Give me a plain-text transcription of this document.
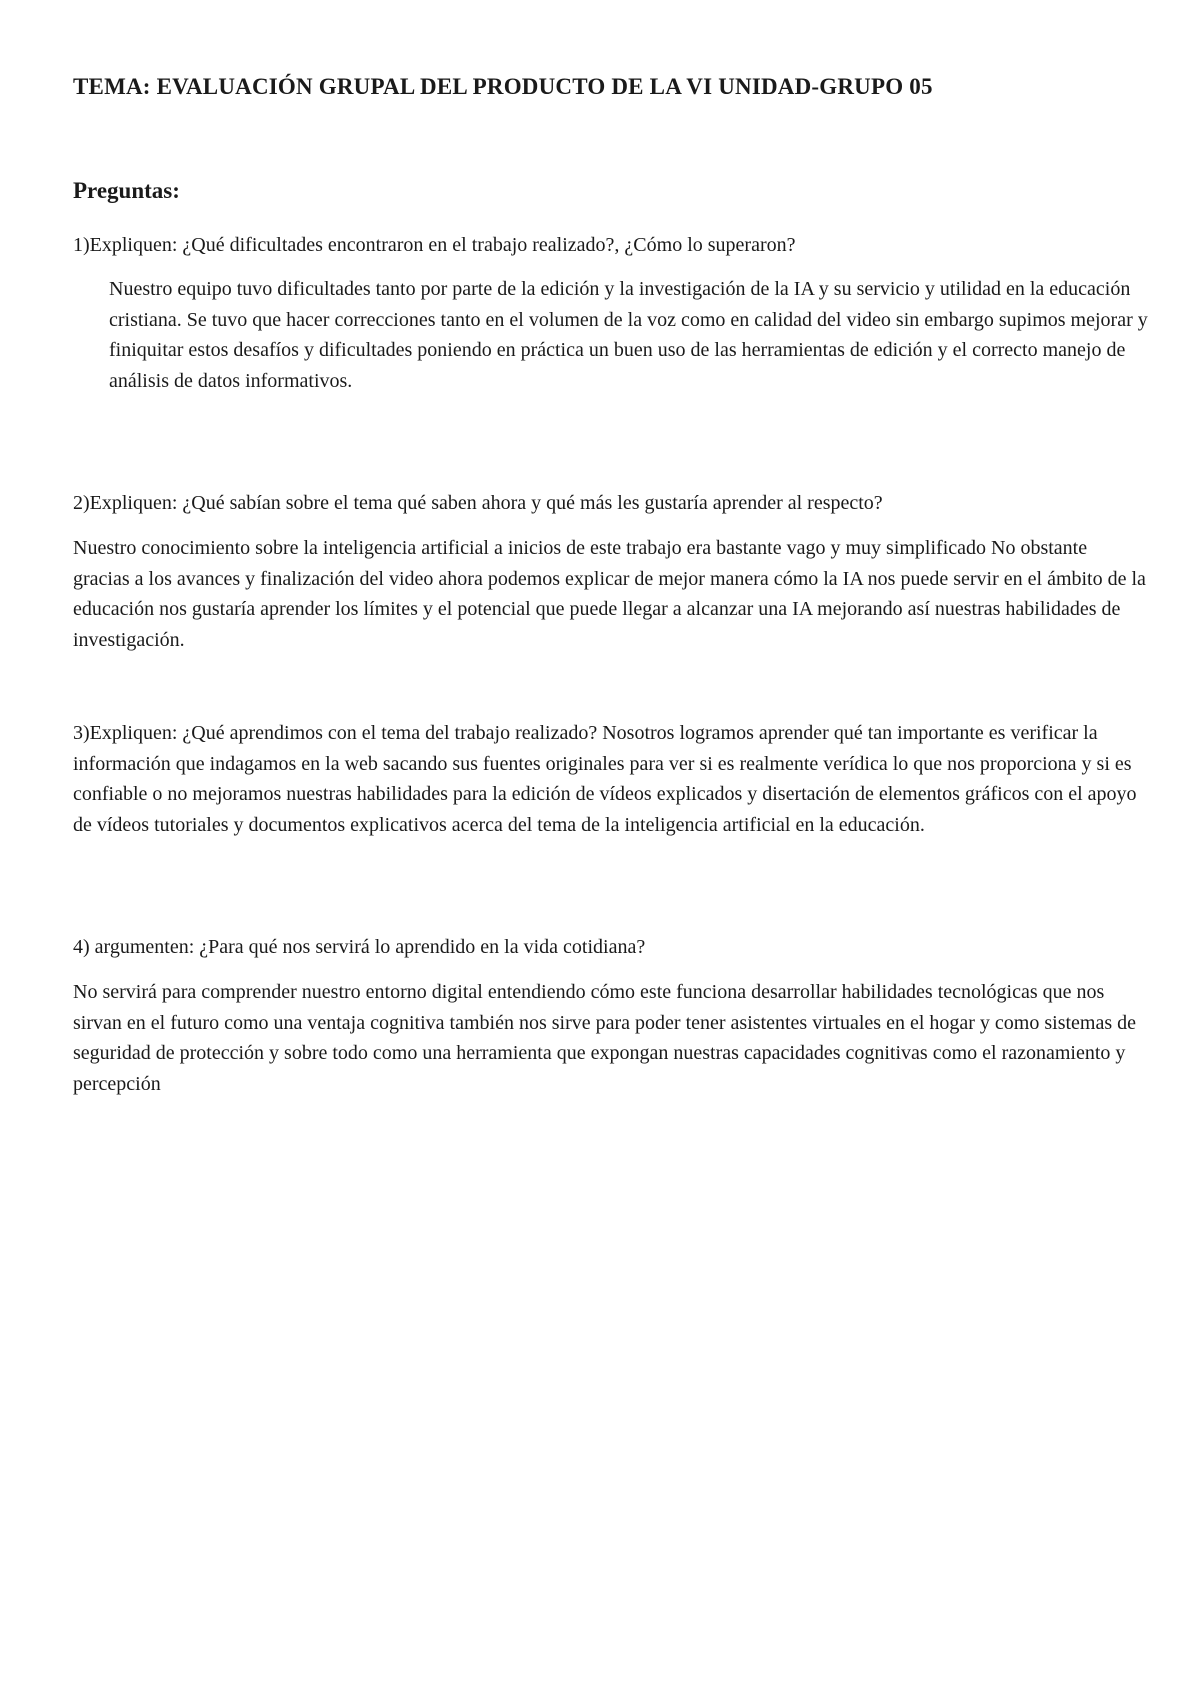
TEMA: EVALUACIÓN GRUPAL DEL PRODUCTO DE LA VI UNIDAD-GRUPO 05
Preguntas:

1)Expliquen: ¿Qué dificultades encontraron en el trabajo realizado?, ¿Cómo lo superaron?

Nuestro equipo tuvo dificultades tanto por parte de la edición y la investigación de la IA y su servicio y utilidad en la educación cristiana. Se tuvo que hacer correcciones tanto en el volumen de la voz como en calidad del video sin embargo supimos mejorar y finiquitar estos desafíos y dificultades poniendo en práctica un buen uso de las herramientas de edición y el correcto manejo de análisis de datos informativos.

2)Expliquen: ¿Qué sabían sobre el tema qué saben ahora y qué más les gustaría aprender al respecto?

Nuestro conocimiento sobre la inteligencia artificial a inicios de este trabajo era bastante vago y muy simplificado No obstante gracias a los avances y finalización del video ahora podemos explicar de mejor manera cómo la IA nos puede servir en el ámbito de la educación nos gustaría aprender los límites y el potencial que puede llegar a alcanzar una IA mejorando así nuestras habilidades de investigación.

3)Expliquen: ¿Qué aprendimos con el tema del trabajo realizado? Nosotros logramos aprender qué tan importante es verificar la información que indagamos en la web sacando sus fuentes originales para ver si es realmente verídica lo que nos proporciona y si es confiable o no mejoramos nuestras habilidades para la edición de vídeos explicados y disertación de elementos gráficos con el apoyo de vídeos tutoriales y documentos explicativos acerca del tema de la inteligencia artificial en la educación.

4) argumenten: ¿Para qué nos servirá lo aprendido en la vida cotidiana?

No servirá para comprender nuestro entorno digital entendiendo cómo este funciona desarrollar habilidades tecnológicas que nos sirvan en el futuro como una ventaja cognitiva también nos sirve para poder tener asistentes virtuales en el hogar y como sistemas de seguridad de protección y sobre todo como una herramienta que expongan nuestras capacidades cognitivas como el razonamiento y percepción
